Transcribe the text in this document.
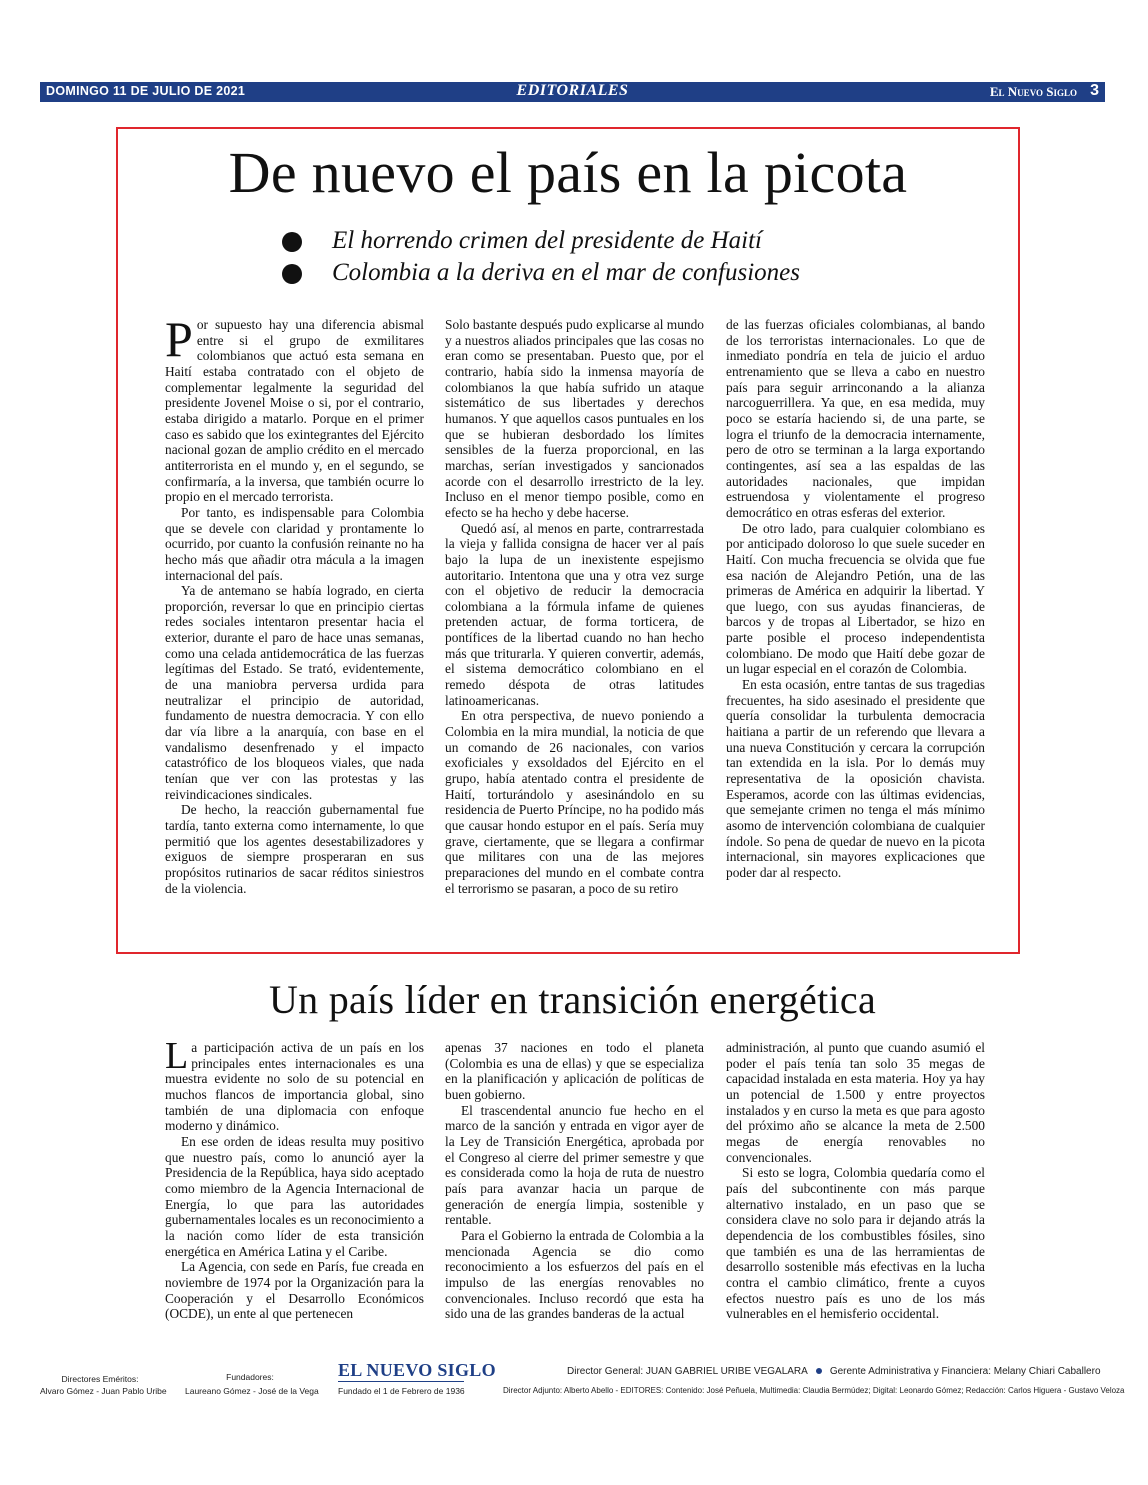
DOMINGO 11 DE JULIO DE 2021	EDITORIALES	El Nuevo Siglo 3
De nuevo el país en la picota
El horrendo crimen del presidente de Haití
Colombia a la deriva en el mar de confusiones

Por supuesto hay una diferencia abismal entre si el grupo de exmilitares colombianos que actuó esta semana en Haití estaba contratado con el objeto de complementar legalmente la seguridad del presidente Jovenel Moise o si, por el contrario, estaba dirigido a matarlo. Porque en el primer caso es sabido que los exintegrantes del Ejército nacional gozan de amplio crédito en el mercado antiterrorista en el mundo y, en el segundo, se confirmaría, a la inversa, que también ocurre lo propio en el mercado terrorista.

Por tanto, es indispensable para Colombia que se devele con claridad y prontamente lo ocurrido, por cuanto la confusión reinante no ha hecho más que añadir otra mácula a la imagen internacional del país.

Ya de antemano se había logrado, en cierta proporción, reversar lo que en principio ciertas redes sociales intentaron presentar hacia el exterior, durante el paro de hace unas semanas, como una celada antidemocrática de las fuerzas legítimas del Estado. Se trató, evidentemente, de una maniobra perversa urdida para neutralizar el principio de autoridad, fundamento de nuestra democracia. Y con ello dar vía libre a la anarquía, con base en el vandalismo desenfrenado y el impacto catastrófico de los bloqueos viales, que nada tenían que ver con las protestas y las reivindicaciones sindicales.

De hecho, la reacción gubernamental fue tardía, tanto externa como internamente, lo que permitió que los agentes desestabilizadores y exiguos de siempre prosperaran en sus propósitos rutinarios de sacar réditos siniestros de la violencia.

Solo bastante después pudo explicarse al mundo y a nuestros aliados principales que las cosas no eran como se presentaban. Puesto que, por el contrario, había sido la inmensa mayoría de colombianos la que había sufrido un ataque sistemático de sus libertades y derechos humanos. Y que aquellos casos puntuales en los que se hubieran desbordado los límites sensibles de la fuerza proporcional, en las marchas, serían investigados y sancionados acorde con el desarrollo irrestricto de la ley. Incluso en el menor tiempo posible, como en efecto se ha hecho y debe hacerse.

Quedó así, al menos en parte, contrarrestada la vieja y fallida consigna de hacer ver al país bajo la lupa de un inexistente espejismo autoritario. Intentona que una y otra vez surge con el objetivo de reducir la democracia colombiana a la fórmula infame de quienes pretenden actuar, de forma torticera, de pontífices de la libertad cuando no han hecho más que triturarla. Y quieren convertir, además, el sistema democrático colombiano en el remedo déspota de otras latitudes latinoamericanas.

En otra perspectiva, de nuevo poniendo a Colombia en la mira mundial, la noticia de que un comando de 26 nacionales, con varios exoficiales y exsoldados del Ejército en el grupo, había atentado contra el presidente de Haití, torturándolo y asesinándolo en su residencia de Puerto Príncipe, no ha podido más que causar hondo estupor en el país. Sería muy grave, ciertamente, que se llegara a confirmar que militares con una de las mejores preparaciones del mundo en el combate contra el terrorismo se pasaran, a poco de su retiro

de las fuerzas oficiales colombianas, al bando de los terroristas internacionales. Lo que de inmediato pondría en tela de juicio el arduo entrenamiento que se lleva a cabo en nuestro país para seguir arrinconando a la alianza narcoguerrillera. Ya que, en esa medida, muy poco se estaría haciendo si, de una parte, se logra el triunfo de la democracia internamente, pero de otro se terminan a la larga exportando contingentes, así sea a las espaldas de las autoridades nacionales, que impidan estruendosa y violentamente el progreso democrático en otras esferas del exterior.

De otro lado, para cualquier colombiano es por anticipado doloroso lo que suele suceder en Haití. Con mucha frecuencia se olvida que fue esa nación de Alejandro Petión, una de las primeras de América en adquirir la libertad. Y que luego, con sus ayudas financieras, de barcos y de tropas al Libertador, se hizo en parte posible el proceso independentista colombiano. De modo que Haití debe gozar de un lugar especial en el corazón de Colombia.

En esta ocasión, entre tantas de sus tragedias frecuentes, ha sido asesinado el presidente que quería consolidar la turbulenta democracia haitiana a partir de un referendo que llevara a una nueva Constitución y cercara la corrupción tan extendida en la isla. Por lo demás muy representativa de la oposición chavista. Esperamos, acorde con las últimas evidencias, que semejante crimen no tenga el más mínimo asomo de intervención colombiana de cualquier índole. So pena de quedar de nuevo en la picota internacional, sin mayores explicaciones que poder dar al respecto.

Un país líder en transición energética

La participación activa de un país en los principales entes internacionales es una muestra evidente no solo de su potencial en muchos flancos de importancia global, sino también de una diplomacia con enfoque moderno y dinámico.

En ese orden de ideas resulta muy positivo que nuestro país, como lo anunció ayer la Presidencia de la República, haya sido aceptado como miembro de la Agencia Internacional de Energía, lo que para las autoridades gubernamentales locales es un reconocimiento a la nación como líder de esta transición energética en América Latina y el Caribe.

La Agencia, con sede en París, fue creada en noviembre de 1974 por la Organización para la Cooperación y el Desarrollo Económicos (OCDE), un ente al que pertenecen

apenas 37 naciones en todo el planeta (Colombia es una de ellas) y que se especializa en la planificación y aplicación de políticas de buen gobierno.

El trascendental anuncio fue hecho en el marco de la sanción y entrada en vigor ayer de la Ley de Transición Energética, aprobada por el Congreso al cierre del primer semestre y que es considerada como la hoja de ruta de nuestro país para avanzar hacia un parque de generación de energía limpia, sostenible y rentable.

Para el Gobierno la entrada de Colombia a la mencionada Agencia se dio como reconocimiento a los esfuerzos del país en el impulso de las energías renovables no convencionales. Incluso recordó que esta ha sido una de las grandes banderas de la actual

administración, al punto que cuando asumió el poder el país tenía tan solo 35 megas de capacidad instalada en esta materia. Hoy ya hay un potencial de 1.500 y entre proyectos instalados y en curso la meta es que para agosto del próximo año se alcance la meta de 2.500 megas de energía renovables no convencionales.

Si esto se logra, Colombia quedaría como el país del subcontinente con más parque alternativo instalado, en un paso que se considera clave no solo para ir dejando atrás la dependencia de los combustibles fósiles, sino que también es una de las herramientas de desarrollo sostenible más efectivas en la lucha contra el cambio climático, frente a cuyos efectos nuestro país es uno de los más vulnerables en el hemisferio occidental.

Directores Eméritos:
Alvaro Gómez - Juan Pablo Uribe
Fundadores:
Laureano Gómez - José de la Vega
EL NUEVO SIGLO
Fundado el 1 de Febrero de 1936
Director General: JUAN GABRIEL URIBE VEGALARA Gerente Administrativa y Financiera: Melany Chiari Caballero
Director Adjunto: Alberto Abello - EDITORES: Contenido: José Peñuela, Multimedia: Claudia Bermúdez; Digital: Leonardo Gómez; Redacción: Carlos Higuera - Gustavo Veloza
